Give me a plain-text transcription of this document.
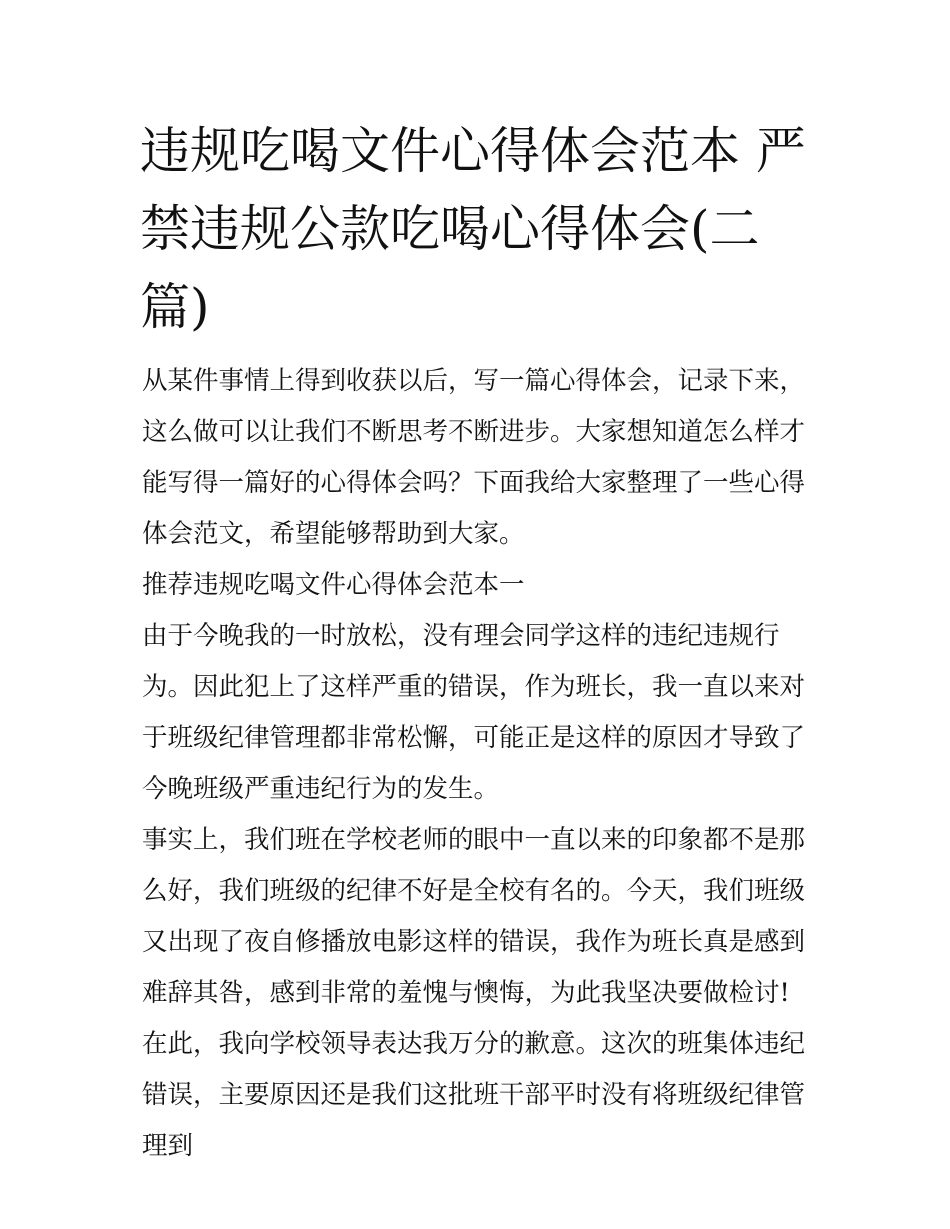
违规吃喝文件心得体会范本 严禁违规公款吃喝心得体会(二篇)

从某件事情上得到收获以后，写一篇心得体会，记录下来，这么做可以让我们不断思考不断进步。大家想知道怎么样才能写得一篇好的心得体会吗？下面我给大家整理了一些心得体会范文，希望能够帮助到大家。

推荐违规吃喝文件心得体会范本一

由于今晚我的一时放松，没有理会同学这样的违纪违规行为。因此犯上了这样严重的错误，作为班长，我一直以来对于班级纪律管理都非常松懈，可能正是这样的原因才导致了今晚班级严重违纪行为的发生。

事实上，我们班在学校老师的眼中一直以来的印象都不是那么好，我们班级的纪律不好是全校有名的。今天，我们班级又出现了夜自修播放电影这样的错误，我作为班长真是感到难辞其咎，感到非常的羞愧与懊悔，为此我坚决要做检讨!

在此，我向学校领导表达我万分的歉意。这次的班集体违纪错误，主要原因还是我们这批班干部平时没有将班级纪律管理到
